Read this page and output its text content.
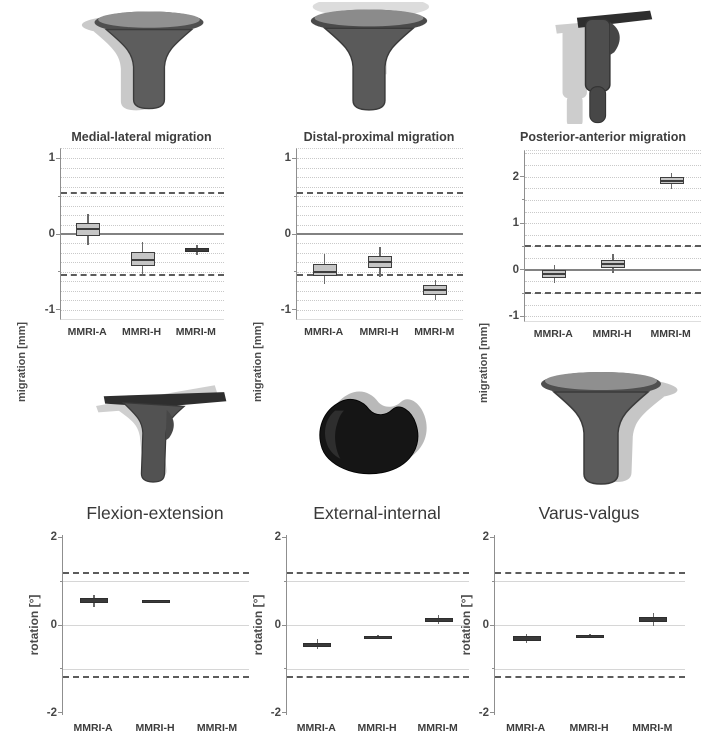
Medial-lateral migration
migration [mm]
1
0
-1
MMRI-A	MMRI-H	MMRI-M
Distal-proximal migration
migration [mm]
1
0
-1
MMRI-A	MMRI-H	MMRI-M
Posterior-anterior migration
migration [mm]
2
1
0
-1
MMRI-A	MMRI-H	MMRI-M
Flexion-extension
rotation [°]
2
0
-2
MMRI-A	MMRI-H	MMRI-M
External-internal
rotation [°]
2
0
-2
MMRI-A	MMRI-H	MMRI-M
Varus-valgus
rotation [°]
2
0
-2
MMRI-A	MMRI-H	MMRI-M
